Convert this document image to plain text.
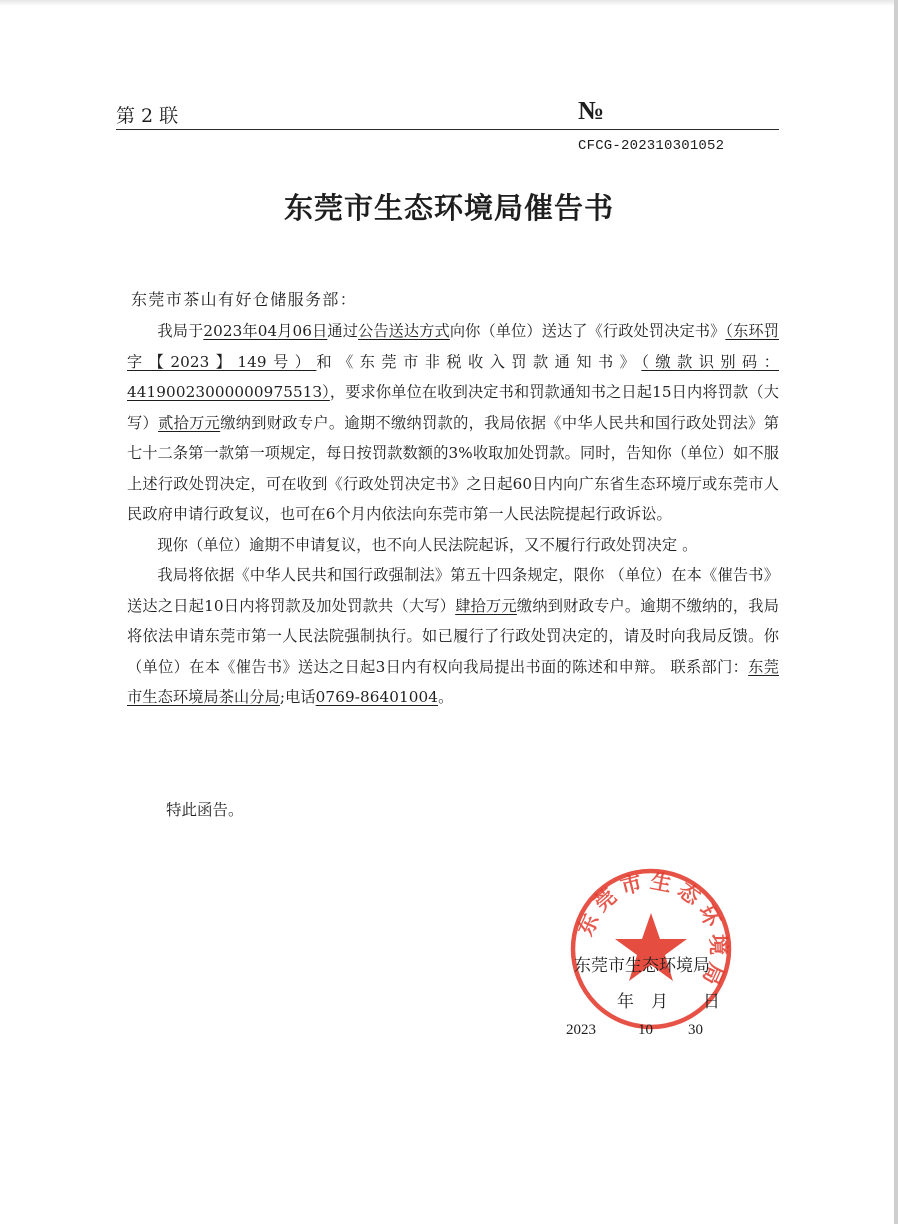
第 2 联	№
CFCG-202310301052
东莞市生态环境局催告书
东莞市茶山有好仓储服务部：

我局于2023年04月06日通过公告送达方式向你（单位）送达了《行政处罚决定书》（东环罚字【2023】149号）和《东莞市非税收入罚款通知书》（缴款识别码：4419002300000097551З），要求你单位在收到决定书和罚款通知书之日起15日内将罚款（大写）贰拾万元缴纳到财政专户。逾期不缴纳罚款的，我局依据《中华人民共和国行政处罚法》第七十二条第一款第一项规定，每日按罚款数额的3%收取加处罚款。同时，告知你（单位）如不服上述行政处罚决定，可在收到《行政处罚决定书》之日起60日内向广东省生态环境厅或东莞市人民政府申请行政复议，也可在6个月内依法向东莞市第一人民法院提起行政诉讼。

现你（单位）逾期不申请复议，也不向人民法院起诉，又不履行行政处罚决定 。

我局将依据《中华人民共和国行政强制法》第五十四条规定，限你 （单位）在本《催告书》送达之日起10日内将罚款及加处罚款共（大写）肆拾万元缴纳到财政专户。逾期不缴纳的，我局将依法申请东莞市第一人民法院强制执行。如已履行了行政处罚决定的，请及时向我局反馈。你（单位）在本《催告书》送达之日起3日内有权向我局提出书面的陈述和申辩。 联系部门：东莞市生态环境局茶山分局;电话0769-86401004。

特此函告。
东莞市生态环境局
东莞市生态环境局
年 月 日
2023	10 30
